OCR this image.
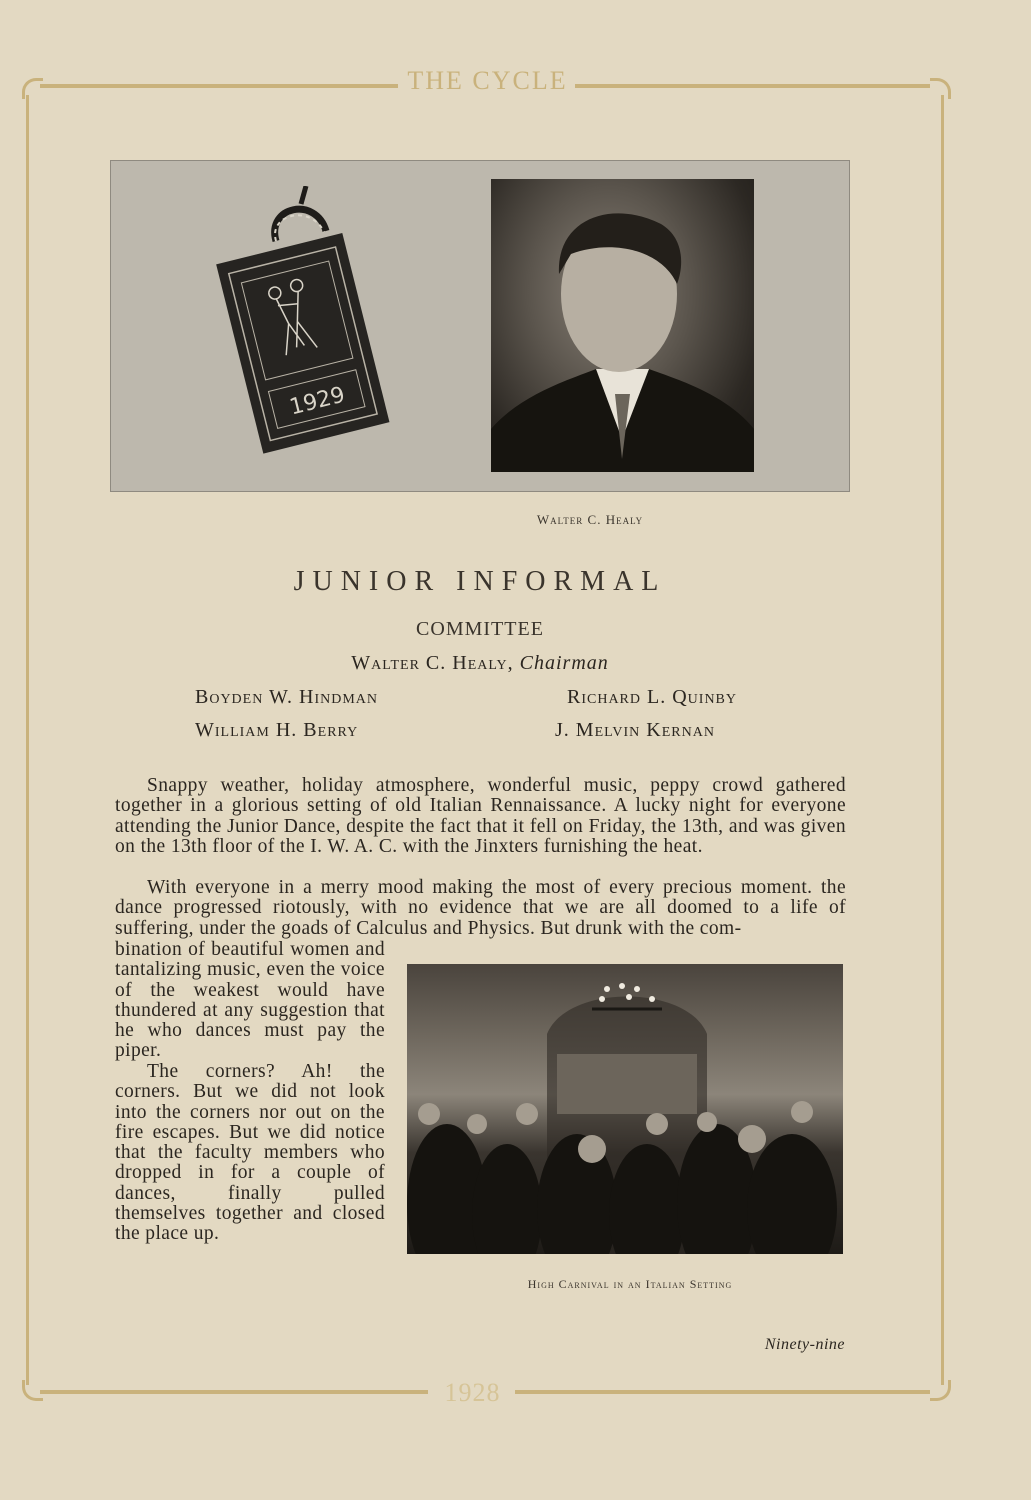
THE CYCLE
1928
1929
Walter C. Healy
JUNIOR INFORMAL
COMMITTEE
Walter C. Healy, Chairman
Boyden W. Hindman	Richard L. Quinby
William H. Berry	J. Melvin Kernan

Snappy weather, holiday atmosphere, wonderful music, peppy crowd gathered together in a glorious setting of old Italian Rennaissance. A lucky night for everyone attending the Junior Dance, despite the fact that it fell on Friday, the 13th, and was given on the 13th floor of the I. W. A. C. with the Jinxters furnishing the heat.

With everyone in a merry mood making the most of every precious moment. the dance progressed riotously, with no evidence that we are all doomed to a life of suffering, under the goads of Calculus and Physics. But drunk with the com-

bination of beautiful women and tantalizing music, even the voice of the weakest would have thundered at any suggestion that he who dances must pay the piper.

The corners? Ah! the corners. But we did not look into the corners nor out on the fire escapes. But we did notice that the faculty members who dropped in for a couple of dances, finally pulled themselves together and closed the place up.

High Carnival in an Italian Setting
Ninety-nine
